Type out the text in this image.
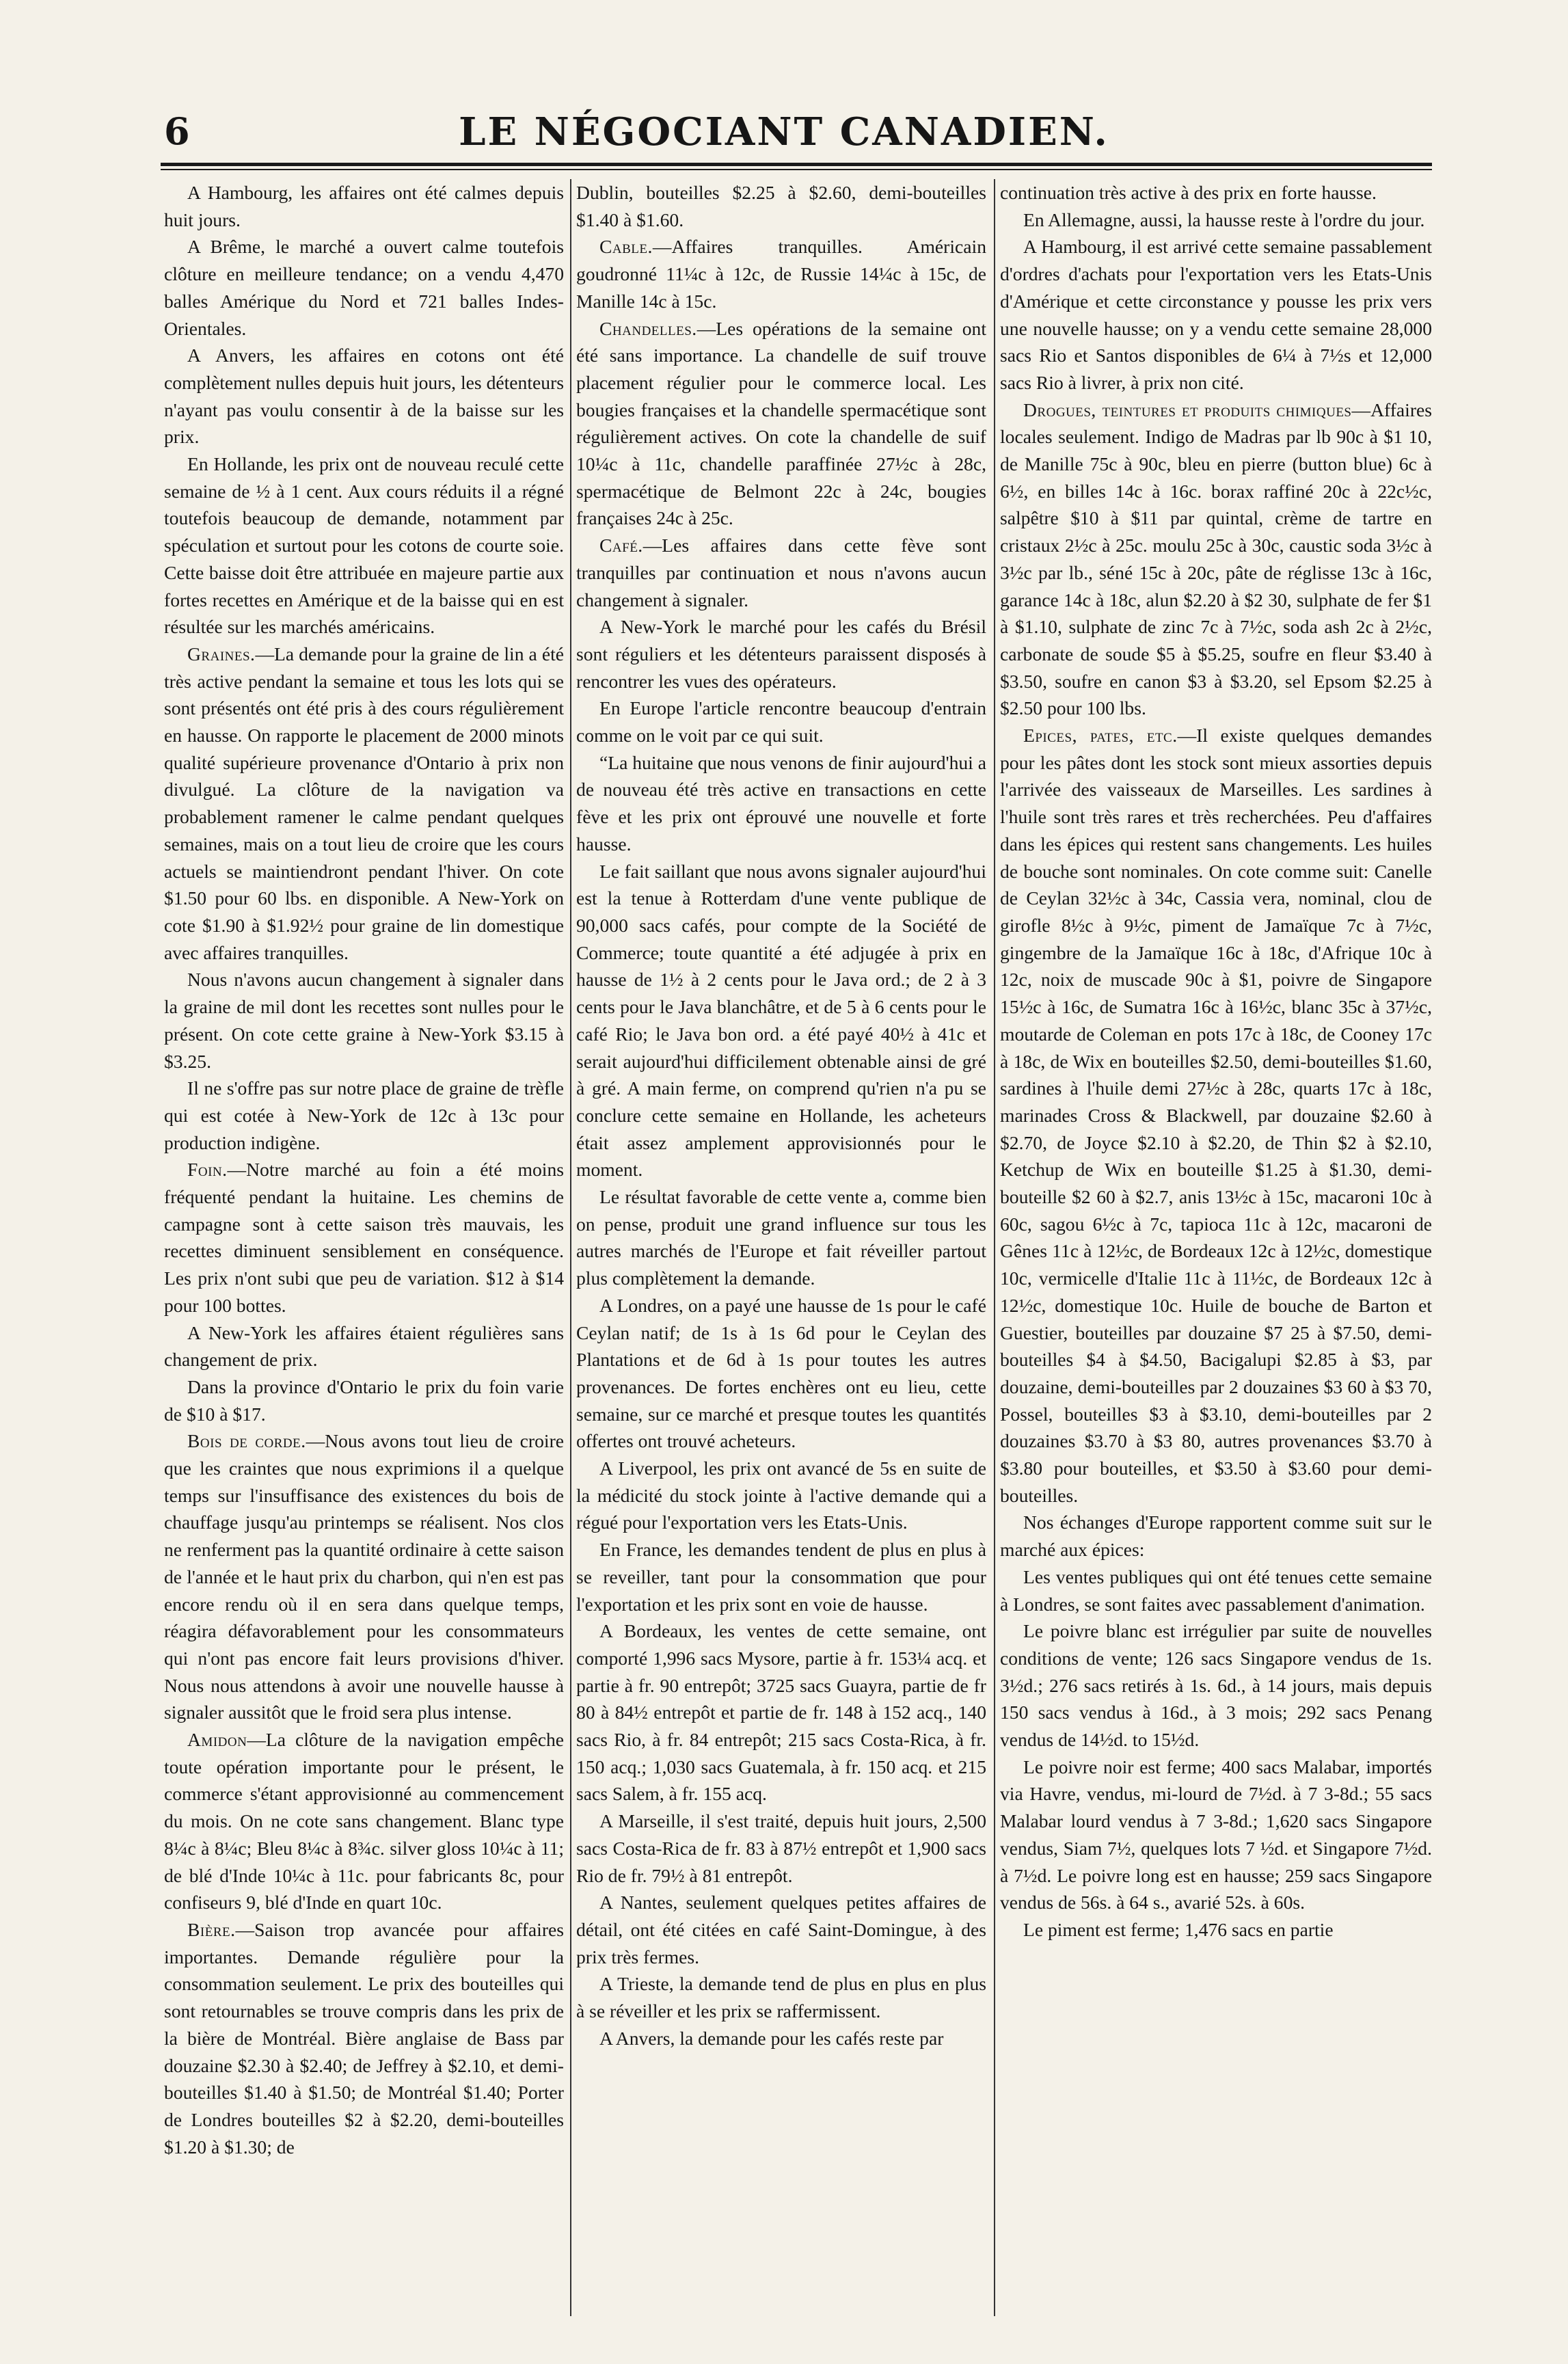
6	LE NÉGOCIANT CANADIEN.

A Hambourg, les affaires ont été calmes depuis huit jours.

A Brême, le marché a ouvert calme toutefois clôture en meilleure tendance; on a vendu 4,470 balles Amérique du Nord et 721 balles Indes-Orientales.

A Anvers, les affaires en cotons ont été complètement nulles depuis huit jours, les détenteurs n'ayant pas voulu consentir à de la baisse sur les prix.

En Hollande, les prix ont de nouveau reculé cette semaine de ½ à 1 cent. Aux cours réduits il a régné toutefois beaucoup de demande, notamment par spéculation et surtout pour les cotons de courte soie. Cette baisse doit être attribuée en majeure partie aux fortes recettes en Amérique et de la baisse qui en est résultée sur les marchés américains.

Graines.—La demande pour la graine de lin a été très active pendant la semaine et tous les lots qui se sont présentés ont été pris à des cours régulièrement en hausse. On rapporte le placement de 2000 minots qualité supérieure provenance d'Ontario à prix non divulgué. La clôture de la navigation va probablement ramener le calme pendant quelques semaines, mais on a tout lieu de croire que les cours actuels se maintiendront pendant l'hiver. On cote $1.50 pour 60 lbs. en disponible. A New-York on cote $1.90 à $1.92½ pour graine de lin domestique avec affaires tranquilles.

Nous n'avons aucun changement à signaler dans la graine de mil dont les recettes sont nulles pour le présent. On cote cette graine à New-York $3.15 à $3.25.

Il ne s'offre pas sur notre place de graine de trèfle qui est cotée à New-York de 12c à 13c pour production indigène.

Foin.—Notre marché au foin a été moins fréquenté pendant la huitaine. Les chemins de campagne sont à cette saison très mauvais, les recettes diminuent sensiblement en conséquence. Les prix n'ont subi que peu de variation. $12 à $14 pour 100 bottes.

A New-York les affaires étaient régulières sans changement de prix.

Dans la province d'Ontario le prix du foin varie de $10 à $17.

Bois de corde.—Nous avons tout lieu de croire que les craintes que nous exprimions il a quelque temps sur l'insuffisance des existences du bois de chauffage jusqu'au printemps se réalisent. Nos clos ne renferment pas la quantité ordinaire à cette saison de l'année et le haut prix du charbon, qui n'en est pas encore rendu où il en sera dans quelque temps, réagira défavorablement pour les consommateurs qui n'ont pas encore fait leurs provisions d'hiver. Nous nous attendons à avoir une nouvelle hausse à signaler aussitôt que le froid sera plus intense.

Amidon—La clôture de la navigation empêche toute opération importante pour le présent, le commerce s'étant approvisionné au commencement du mois. On ne cote sans changement. Blanc type 8¼c à 8¼c; Bleu 8¼c à 8¾c. silver gloss 10¼c à 11; de blé d'Inde 10¼c à 11c. pour fabricants 8c, pour confiseurs 9, blé d'Inde en quart 10c.

Bière.—Saison trop avancée pour affaires importantes. Demande régulière pour la consommation seulement. Le prix des bouteilles qui sont retournables se trouve compris dans les prix de la bière de Montréal. Bière anglaise de Bass par douzaine $2.30 à $2.40; de Jeffrey à $2.10, et demi-bouteilles $1.40 à $1.50; de Montréal $1.40; Porter de Londres bouteilles $2 à $2.20, demi-bouteilles $1.20 à $1.30; de

Dublin, bouteilles $2.25 à $2.60, demi-bouteilles $1.40 à $1.60.

Cable.—Affaires tranquilles. Américain goudronné 11¼c à 12c, de Russie 14¼c à 15c, de Manille 14c à 15c.

Chandelles.—Les opérations de la semaine ont été sans importance. La chandelle de suif trouve placement régulier pour le commerce local. Les bougies françaises et la chandelle spermacétique sont régulièrement actives. On cote la chandelle de suif 10¼c à 11c, chandelle paraffinée 27½c à 28c, spermacétique de Belmont 22c à 24c, bougies françaises 24c à 25c.

Café.—Les affaires dans cette fève sont tranquilles par continuation et nous n'avons aucun changement à signaler.

A New-York le marché pour les cafés du Brésil sont réguliers et les détenteurs paraissent disposés à rencontrer les vues des opérateurs.

En Europe l'article rencontre beaucoup d'entrain comme on le voit par ce qui suit.

“La huitaine que nous venons de finir aujourd'hui a de nouveau été très active en transactions en cette fève et les prix ont éprouvé une nouvelle et forte hausse.

Le fait saillant que nous avons signaler aujourd'hui est la tenue à Rotterdam d'une vente publique de 90,000 sacs cafés, pour compte de la Société de Commerce; toute quantité a été adjugée à prix en hausse de 1½ à 2 cents pour le Java ord.; de 2 à 3 cents pour le Java blanchâtre, et de 5 à 6 cents pour le café Rio; le Java bon ord. a été payé 40½ à 41c et serait aujourd'hui difficilement obtenable ainsi de gré à gré. A main ferme, on comprend qu'rien n'a pu se conclure cette semaine en Hollande, les acheteurs était assez amplement approvisionnés pour le moment.

Le résultat favorable de cette vente a, comme bien on pense, produit une grand influence sur tous les autres marchés de l'Europe et fait réveiller partout plus complètement la demande.

A Londres, on a payé une hausse de 1s pour le café Ceylan natif; de 1s à 1s 6d pour le Ceylan des Plantations et de 6d à 1s pour toutes les autres provenances. De fortes enchères ont eu lieu, cette semaine, sur ce marché et presque toutes les quantités offertes ont trouvé acheteurs.

A Liverpool, les prix ont avancé de 5s en suite de la médicité du stock jointe à l'active demande qui a régué pour l'exportation vers les Etats-Unis.

En France, les demandes tendent de plus en plus à se reveiller, tant pour la consommation que pour l'exportation et les prix sont en voie de hausse.

A Bordeaux, les ventes de cette semaine, ont comporté 1,996 sacs Mysore, partie à fr. 153¼ acq. et partie à fr. 90 entrepôt; 3725 sacs Guayra, partie de fr 80 à 84½ entrepôt et partie de fr. 148 à 152 acq., 140 sacs Rio, à fr. 84 entrepôt; 215 sacs Costa-Rica, à fr. 150 acq.; 1,030 sacs Guatemala, à fr. 150 acq. et 215 sacs Salem, à fr. 155 acq.

A Marseille, il s'est traité, depuis huit jours, 2,500 sacs Costa-Rica de fr. 83 à 87½ entrepôt et 1,900 sacs Rio de fr. 79½ à 81 entrepôt.

A Nantes, seulement quelques petites affaires de détail, ont été citées en café Saint-Domingue, à des prix très fermes.

A Trieste, la demande tend de plus en plus en plus à se réveiller et les prix se raffermissent.

A Anvers, la demande pour les cafés reste par

continuation très active à des prix en forte hausse.

En Allemagne, aussi, la hausse reste à l'ordre du jour.

A Hambourg, il est arrivé cette semaine passablement d'ordres d'achats pour l'exportation vers les Etats-Unis d'Amérique et cette circonstance y pousse les prix vers une nouvelle hausse; on y a vendu cette semaine 28,000 sacs Rio et Santos disponibles de 6¼ à 7½s et 12,000 sacs Rio à livrer, à prix non cité.

Drogues, teintures et produits chimiques—Affaires locales seulement. Indigo de Madras par lb 90c à $1 10, de Manille 75c à 90c, bleu en pierre (button blue) 6c à 6½, en billes 14c à 16c. borax raffiné 20c à 22c½c, salpêtre $10 à $11 par quintal, crème de tartre en cristaux 2½c à 25c. moulu 25c à 30c, caustic soda 3½c à 3½c par lb., séné 15c à 20c, pâte de réglisse 13c à 16c, garance 14c à 18c, alun $2.20 à $2 30, sulphate de fer $1 à $1.10, sulphate de zinc 7c à 7½c, soda ash 2c à 2½c, carbonate de soude $5 à $5.25, soufre en fleur $3.40 à $3.50, soufre en canon $3 à $3.20, sel Epsom $2.25 à $2.50 pour 100 lbs.

Epices, pates, etc.—Il existe quelques demandes pour les pâtes dont les stock sont mieux assorties depuis l'arrivée des vaisseaux de Marseilles. Les sardines à l'huile sont très rares et très recherchées. Peu d'affaires dans les épices qui restent sans changements. Les huiles de bouche sont nominales. On cote comme suit: Canelle de Ceylan 32½c à 34c, Cassia vera, nominal, clou de girofle 8½c à 9½c, piment de Jamaïque 7c à 7½c, gingembre de la Jamaïque 16c à 18c, d'Afrique 10c à 12c, noix de muscade 90c à $1, poivre de Singapore 15½c à 16c, de Sumatra 16c à 16½c, blanc 35c à 37½c, moutarde de Coleman en pots 17c à 18c, de Cooney 17c à 18c, de Wix en bouteilles $2.50, demi-bouteilles $1.60, sardines à l'huile demi 27½c à 28c, quarts 17c à 18c, marinades Cross & Blackwell, par douzaine $2.60 à $2.70, de Joyce $2.10 à $2.20, de Thin $2 à $2.10, Ketchup de Wix en bouteille $1.25 à $1.30, demi-bouteille $2 60 à $2.7, anis 13½c à 15c, macaroni 10c à 60c, sagou 6½c à 7c, tapioca 11c à 12c, macaroni de Gênes 11c à 12½c, de Bordeaux 12c à 12½c, domestique 10c, vermicelle d'Italie 11c à 11½c, de Bordeaux 12c à 12½c, domestique 10c. Huile de bouche de Barton et Guestier, bouteilles par douzaine $7 25 à $7.50, demi-bouteilles $4 à $4.50, Bacigalupi $2.85 à $3, par douzaine, demi-bouteilles par 2 douzaines $3 60 à $3 70, Possel, bouteilles $3 à $3.10, demi-bouteilles par 2 douzaines $3.70 à $3 80, autres provenances $3.70 à $3.80 pour bouteilles, et $3.50 à $3.60 pour demi-bouteilles.

Nos échanges d'Europe rapportent comme suit sur le marché aux épices:

Les ventes publiques qui ont été tenues cette semaine à Londres, se sont faites avec passablement d'animation.

Le poivre blanc est irrégulier par suite de nouvelles conditions de vente; 126 sacs Singapore vendus de 1s. 3½d.; 276 sacs retirés à 1s. 6d., à 14 jours, mais depuis 150 sacs vendus à 16d., à 3 mois; 292 sacs Penang vendus de 14½d. to 15½d.

Le poivre noir est ferme; 400 sacs Malabar, importés via Havre, vendus, mi-lourd de 7½d. à 7 3-8d.; 55 sacs Malabar lourd vendus à 7 3-8d.; 1,620 sacs Singapore vendus, Siam 7½, quelques lots 7 ½d. et Singapore 7½d. à 7½d. Le poivre long est en hausse; 259 sacs Singapore vendus de 56s. à 64 s., avarié 52s. à 60s.

Le piment est ferme; 1,476 sacs en partie
